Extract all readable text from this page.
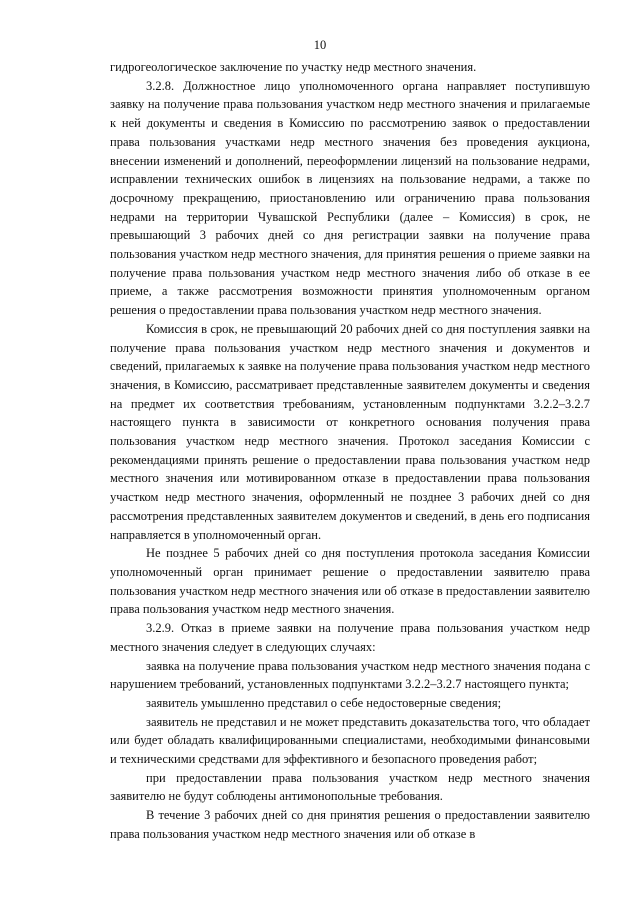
10

гидрогеологическое заключение по участку недр местного значения.

3.2.8. Должностное лицо уполномоченного органа направляет поступившую заявку на получение права пользования участком недр местного значения и прилагаемые к ней документы и сведения в Комиссию по рассмотрению заявок о предоставлении права пользования участками недр местного значения без проведения аукциона, внесении изменений и дополнений, переоформлении лицензий на пользование недрами, исправлении технических ошибок в лицензиях на пользование недрами, а также по досрочному прекращению, приостановлению или ограничению права пользования недрами на территории Чувашской Республики (далее – Комиссия) в срок, не превышающий 3 рабочих дней со дня регистрации заявки на получение права пользования участком недр местного значения, для принятия решения о приеме заявки на получение права пользования участком недр местного значения либо об отказе в ее приеме, а также рассмотрения возможности принятия уполномоченным органом решения о предоставлении права пользования участком недр местного значения.

Комиссия в срок, не превышающий 20 рабочих дней со дня поступления заявки на получение права пользования участком недр местного значения и документов и сведений, прилагаемых к заявке на получение права пользования участком недр местного значения, в Комиссию, рассматривает представленные заявителем документы и сведения на предмет их соответствия требованиям, установленным подпунктами 3.2.2–3.2.7 настоящего пункта в зависимости от конкретного основания получения права пользования участком недр местного значения. Протокол заседания Комиссии с рекомендациями принять решение о предоставлении права пользования участком недр местного значения или мотивированном отказе в предоставлении права пользования участком недр местного значения, оформленный не позднее 3 рабочих дней со дня рассмотрения представленных заявителем документов и сведений, в день его подписания направляется в уполномоченный орган.

Не позднее 5 рабочих дней со дня поступления протокола заседания Комиссии уполномоченный орган принимает решение о предоставлении заявителю права пользования участком недр местного значения или об отказе в предоставлении заявителю права пользования участком недр местного значения.

3.2.9. Отказ в приеме заявки на получение права пользования участком недр местного значения следует в следующих случаях:

заявка на получение права пользования участком недр местного значения подана с нарушением требований, установленных подпунктами 3.2.2–3.2.7 настоящего пункта;

заявитель умышленно представил о себе недостоверные сведения;

заявитель не представил и не может представить доказательства того, что обладает или будет обладать квалифицированными специалистами, необходимыми финансовыми и техническими средствами для эффективного и безопасного проведения работ;

при предоставлении права пользования участком недр местного значения заявителю не будут соблюдены антимонопольные требования.

В течение 3 рабочих дней со дня принятия решения о предоставлении заявителю права пользования участком недр местного значения или об отказе в
